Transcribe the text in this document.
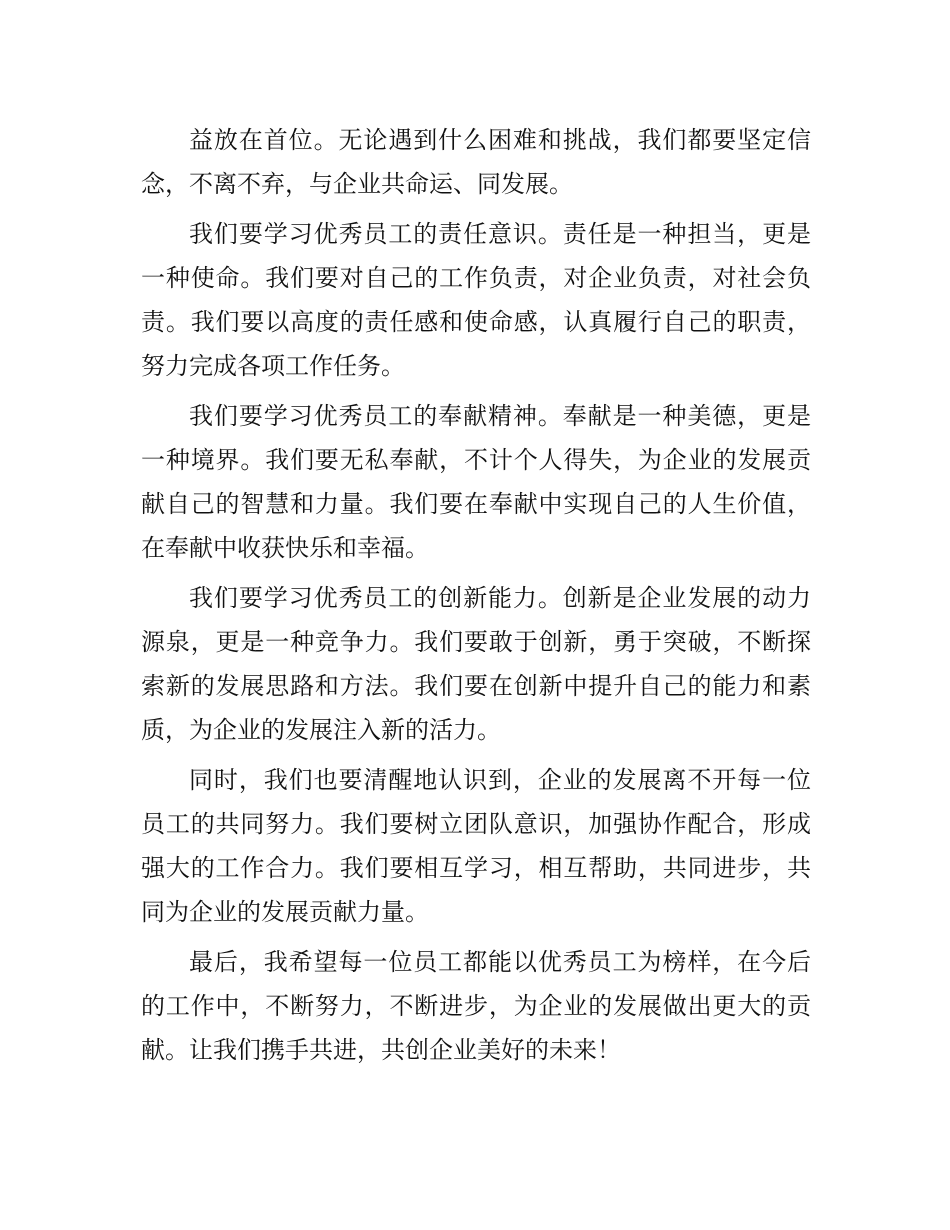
益放在首位。无论遇到什么困难和挑战，我们都要坚定信念，不离不弃，与企业共命运、同发展。

我们要学习优秀员工的责任意识。责任是一种担当，更是一种使命。我们要对自己的工作负责，对企业负责，对社会负责。我们要以高度的责任感和使命感，认真履行自己的职责，努力完成各项工作任务。

我们要学习优秀员工的奉献精神。奉献是一种美德，更是一种境界。我们要无私奉献，不计个人得失，为企业的发展贡献自己的智慧和力量。我们要在奉献中实现自己的人生价值，在奉献中收获快乐和幸福。

我们要学习优秀员工的创新能力。创新是企业发展的动力源泉，更是一种竞争力。我们要敢于创新，勇于突破，不断探索新的发展思路和方法。我们要在创新中提升自己的能力和素质，为企业的发展注入新的活力。

同时，我们也要清醒地认识到，企业的发展离不开每一位员工的共同努力。我们要树立团队意识，加强协作配合，形成强大的工作合力。我们要相互学习，相互帮助，共同进步，共同为企业的发展贡献力量。

最后，我希望每一位员工都能以优秀员工为榜样，在今后的工作中，不断努力，不断进步，为企业的发展做出更大的贡献。让我们携手共进，共创企业美好的未来！
